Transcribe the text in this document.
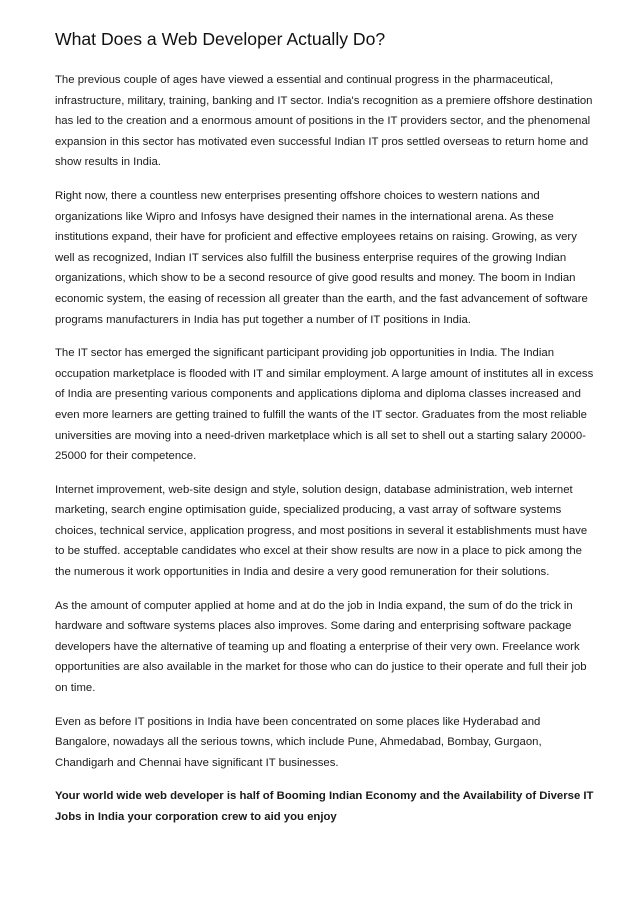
What Does a Web Developer Actually Do?

The previous couple of ages have viewed a essential and continual progress in the pharmaceutical, infrastructure, military, training, banking and IT sector. India's recognition as a premiere offshore destination has led to the creation and a enormous amount of positions in the IT providers sector, and the phenomenal expansion in this sector has motivated even successful Indian IT pros settled overseas to return home and show results in India.

Right now, there a countless new enterprises presenting offshore choices to western nations and organizations like Wipro and Infosys have designed their names in the international arena. As these institutions expand, their have for proficient and effective employees retains on raising. Growing, as very well as recognized, Indian IT services also fulfill the business enterprise requires of the growing Indian organizations, which show to be a second resource of give good results and money. The boom in Indian economic system, the easing of recession all greater than the earth, and the fast advancement of software programs manufacturers in India has put together a number of IT positions in India.

The IT sector has emerged the significant participant providing job opportunities in India. The Indian occupation marketplace is flooded with IT and similar employment. A large amount of institutes all in excess of India are presenting various components and applications diploma and diploma classes increased and even more learners are getting trained to fulfill the wants of the IT sector. Graduates from the most reliable universities are moving into a need-driven marketplace which is all set to shell out a starting salary 20000-25000 for their competence.

Internet improvement, web-site design and style, solution design, database administration, web internet marketing, search engine optimisation guide, specialized producing, a vast array of software systems choices, technical service, application progress, and most positions in several it establishments must have to be stuffed. acceptable candidates who excel at their show results are now in a place to pick among the the numerous it work opportunities in India and desire a very good remuneration for their solutions.

As the amount of computer applied at home and at do the job in India expand, the sum of do the trick in hardware and software systems places also improves. Some daring and enterprising software package developers have the alternative of teaming up and floating a enterprise of their very own. Freelance work opportunities are also available in the market for those who can do justice to their operate and full their job on time.

Even as before IT positions in India have been concentrated on some places like Hyderabad and Bangalore, nowadays all the serious towns, which include Pune, Ahmedabad, Bombay, Gurgaon, Chandigarh and Chennai have significant IT businesses.

Your world wide web developer is half of Booming Indian Economy and the Availability of Diverse IT Jobs in India your corporation crew to aid you enjoy
